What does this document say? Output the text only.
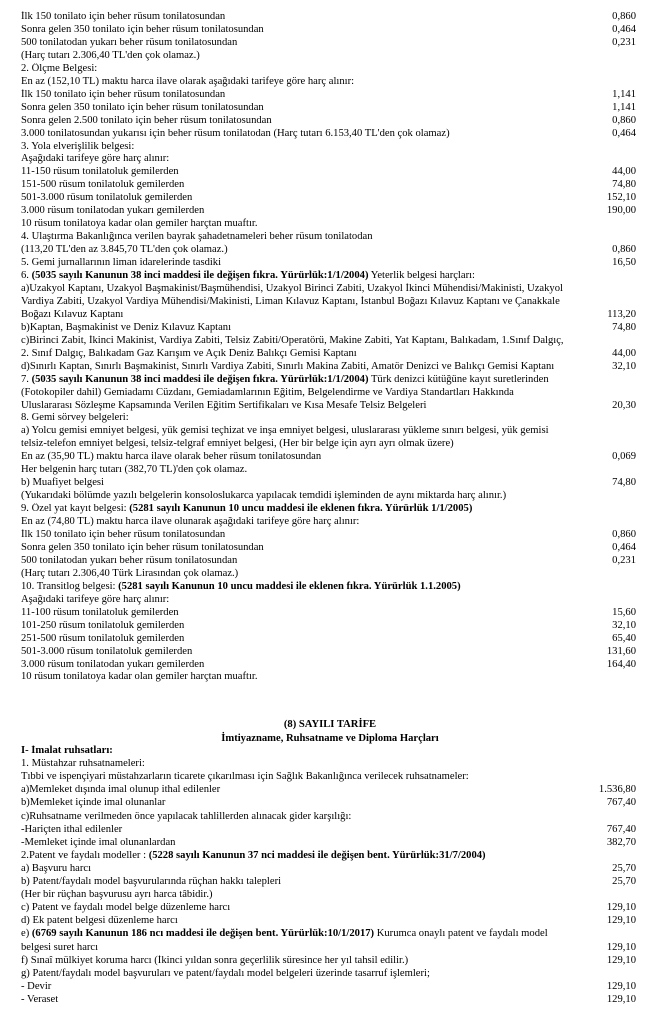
İlk 150 tonilato için beher rüsum tonilatosundan	0,860
Sonra gelen 350 tonilato için beher rüsum tonilatosundan	0,464
500 tonilatodan yukarı beher rüsum tonilatosundan	0,231
(Harç tutarı 2.306,40 TL'den çok olamaz.)
2. Ölçme Belgesi:
En az (152,10 TL) maktu harca ilave olarak aşağıdaki tarifeye göre harç alınır:
İlk 150 tonilato için beher rüsum tonilatosundan	1,141
Sonra gelen 350 tonilato için beher rüsum tonilatosundan	1,141
Sonra gelen 2.500 tonilato için beher rüsum tonilatosundan	0,860
3.000 tonilatosundan yukarısı için beher rüsum tonilatodan (Harç tutarı 6.153,40 TL'den çok olamaz)	0,464
3. Yola elverişlilik belgesi:
Aşağıdaki tarifeye göre harç alınır:
11-150 rüsum tonilatoluk gemilerden	44,00
151-500 rüsum tonilatoluk gemilerden	74,80
501-3.000 rüsum tonilatoluk gemilerden	152,10
3.000 rüsum tonilatodan yukarı gemilerden	190,00
10 rüsum tonilatoya kadar olan gemiler harçtan muaftır.
4. Ulaştırma Bakanlığınca verilen bayrak şahadetnameleri beher rüsum tonilatodan
(113,20 TL'den az 3.845,70 TL'den çok olamaz.)	0,860
5. Gemi jurnallarının liman idarelerinde tasdiki	16,50
6. (5035 sayılı Kanunun 38 inci maddesi ile değişen fıkra. Yürürlük:1/1/2004) Yeterlik belgesi harçları:
a)Uzakyol Kaptanı, Uzakyol Başmakinist/Başmühendisi, Uzakyol Birinci Zabiti, Uzakyol İkinci Mühendisi/Makinisti, Uzakyol
Vardiya Zabiti, Uzakyol Vardiya Mühendisi/Makinisti, Liman Kılavuz Kaptanı, İstanbul Boğazı Kılavuz Kaptanı ve Çanakkale
Boğazı Kılavuz Kaptanı	113,20
b)Kaptan, Başmakinist ve Deniz Kılavuz Kaptanı	74,80
c)Birinci Zabit, İkinci Makinist, Vardiya Zabiti, Telsiz Zabiti/Operatörü, Makine Zabiti, Yat Kaptanı, Balıkadam, 1.Sınıf Dalgıç,
2. Sınıf Dalgıç, Balıkadam Gaz Karışım ve Açık Deniz Balıkçı Gemisi Kaptanı	44,00
d)Sınırlı Kaptan, Sınırlı Başmakinist, Sınırlı Vardiya Zabiti, Sınırlı Makina Zabiti, Amatör Denizci ve Balıkçı Gemisi Kaptanı	32,10
7. (5035 sayılı Kanunun 38 inci maddesi ile değişen fıkra. Yürürlük:1/1/2004) Türk denizci kütüğüne kayıt suretlerinden
(Fotokopiler dahil) Gemiadamı Cüzdanı, Gemiadamlarının Eğitim, Belgelendirme ve Vardiya Standartları Hakkında
Uluslararası Sözleşme Kapsamında Verilen Eğitim Sertifikaları ve Kısa Mesafe Telsiz Belgeleri	20,30
8. Gemi sörvey belgeleri:
a) Yolcu gemisi emniyet belgesi, yük gemisi teçhizat ve inşa emniyet belgesi, uluslararası yükleme sınırı belgesi, yük gemisi
telsiz-telefon emniyet belgesi, telsiz-telgraf emniyet belgesi, (Her bir belge için ayrı ayrı olmak üzere)
En az (35,90 TL) maktu harca ilave olarak beher rüsum tonilatosundan	0,069
Her belgenin harç tutarı (382,70 TL)'den çok olamaz.
b) Muafiyet belgesi	74,80
(Yukarıdaki bölümde yazılı belgelerin konsoloslukarca yapılacak temdidi işleminden de aynı miktarda harç alınır.)
9. Özel yat kayıt belgesi: (5281 sayılı Kanunun 10 uncu maddesi ile eklenen fıkra. Yürürlük 1/1/2005)
En az (74,80 TL) maktu harca ilave olunarak aşağıdaki tarifeye göre harç alınır:
İlk 150 tonilato için beher rüsum tonilatosundan	0,860
Sonra gelen 350 tonilato için beher rüsum tonilatosundan	0,464
500 tonilatodan yukarı beher rüsum tonilatosundan	0,231
(Harç tutarı 2.306,40 Türk Lirasından çok olamaz.)
10. Transitlog belgesi: (5281 sayılı Kanunun 10 uncu maddesi ile eklenen fıkra. Yürürlük 1.1.2005)
Aşağıdaki tarifeye göre harç alınır:
11-100 rüsum tonilatoluk gemilerden	15,60
101-250 rüsum tonilatoluk gemilerden	32,10
251-500 rüsum tonilatoluk gemilerden	65,40
501-3.000 rüsum tonilatoluk gemilerden	131,60
3.000 rüsum tonilatodan yukarı gemilerden	164,40
10 rüsum tonilatoya kadar olan gemiler harçtan muaftır.
(8) SAYILI TARİFE
İmtiyazname, Ruhsatname ve Diploma Harçları
I- İmalat ruhsatları:
1. Müstahzar ruhsatnameleri:
Tıbbi ve ispençiyari müstahzarların ticarete çıkarılması için Sağlık Bakanlığınca verilecek ruhsatnameler:
a)Memleket dışında imal olunup ithal edilenler	1.536,80
b)Memleket içinde imal olunanlar	767,40
c)Ruhsatname verilmeden önce yapılacak tahlillerden alınacak gider karşılığı:
-Hariçten ithal edilenler	767,40
-Memleket içinde imal olunanlardan	382,70
2.Patent ve faydalı modeller : (5228 sayılı Kanunun 37 nci maddesi ile değişen bent. Yürürlük:31/7/2004)
a) Başvuru harcı	25,70
b) Patent/faydalı model başvurularında rüçhan hakkı talepleri	25,70
(Her bir rüçhan başvurusu ayrı harca tâbidir.)
c) Patent ve faydalı model belge düzenleme harcı	129,10
d) Ek patent belgesi düzenleme harcı	129,10
e) (6769 sayılı Kanunun 186 ncı maddesi ile değişen bent. Yürürlük:10/1/2017) Kurumca onaylı patent ve faydalı model
belgesi suret harcı	129,10
f) Sınaî mülkiyet koruma harcı (İkinci yıldan sonra geçerlilik süresince her yıl tahsil edilir.)	129,10
g) Patent/faydalı model başvuruları ve patent/faydalı model belgeleri üzerinde tasarruf işlemleri;
- Devir	129,10
- Veraset	129,10
